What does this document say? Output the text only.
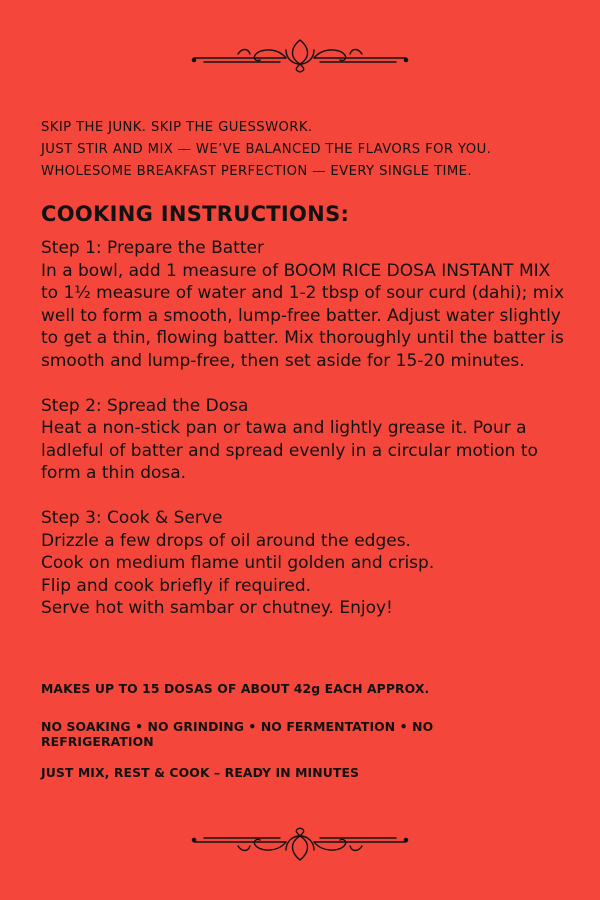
SKIP THE JUNK. SKIP THE GUESSWORK.
JUST STIR AND MIX — WE’VE BALANCED THE FLAVORS FOR YOU.
WHOLESOME BREAKFAST PERFECTION — EVERY SINGLE TIME.
COOKING INSTRUCTIONS:

Step 1: Prepare the Batter

In a bowl, add 1 measure of BOOM RICE DOSA INSTANT MIX to 1½ measure of water and 1-2 tbsp of sour curd (dahi); mix well to form a smooth, lump-free batter. Adjust water slightly to get a thin, flowing batter. Mix thoroughly until the batter is smooth and lump-free, then set aside for 15-20 minutes.

Step 2: Spread the Dosa

Heat a non-stick pan or tawa and lightly grease it. Pour a ladleful of batter and spread evenly in a circular motion to form a thin dosa.

Step 3: Cook & Serve

Drizzle a few drops of oil around the edges.

Cook on medium flame until golden and crisp.

Flip and cook briefly if required.

Serve hot with sambar or chutney. Enjoy!

MAKES UP TO 15 DOSAS OF ABOUT 42g EACH APPROX.
NO SOAKING • NO GRINDING • NO FERMENTATION • NO REFRIGERATION
JUST MIX, REST & COOK – READY IN MINUTES
